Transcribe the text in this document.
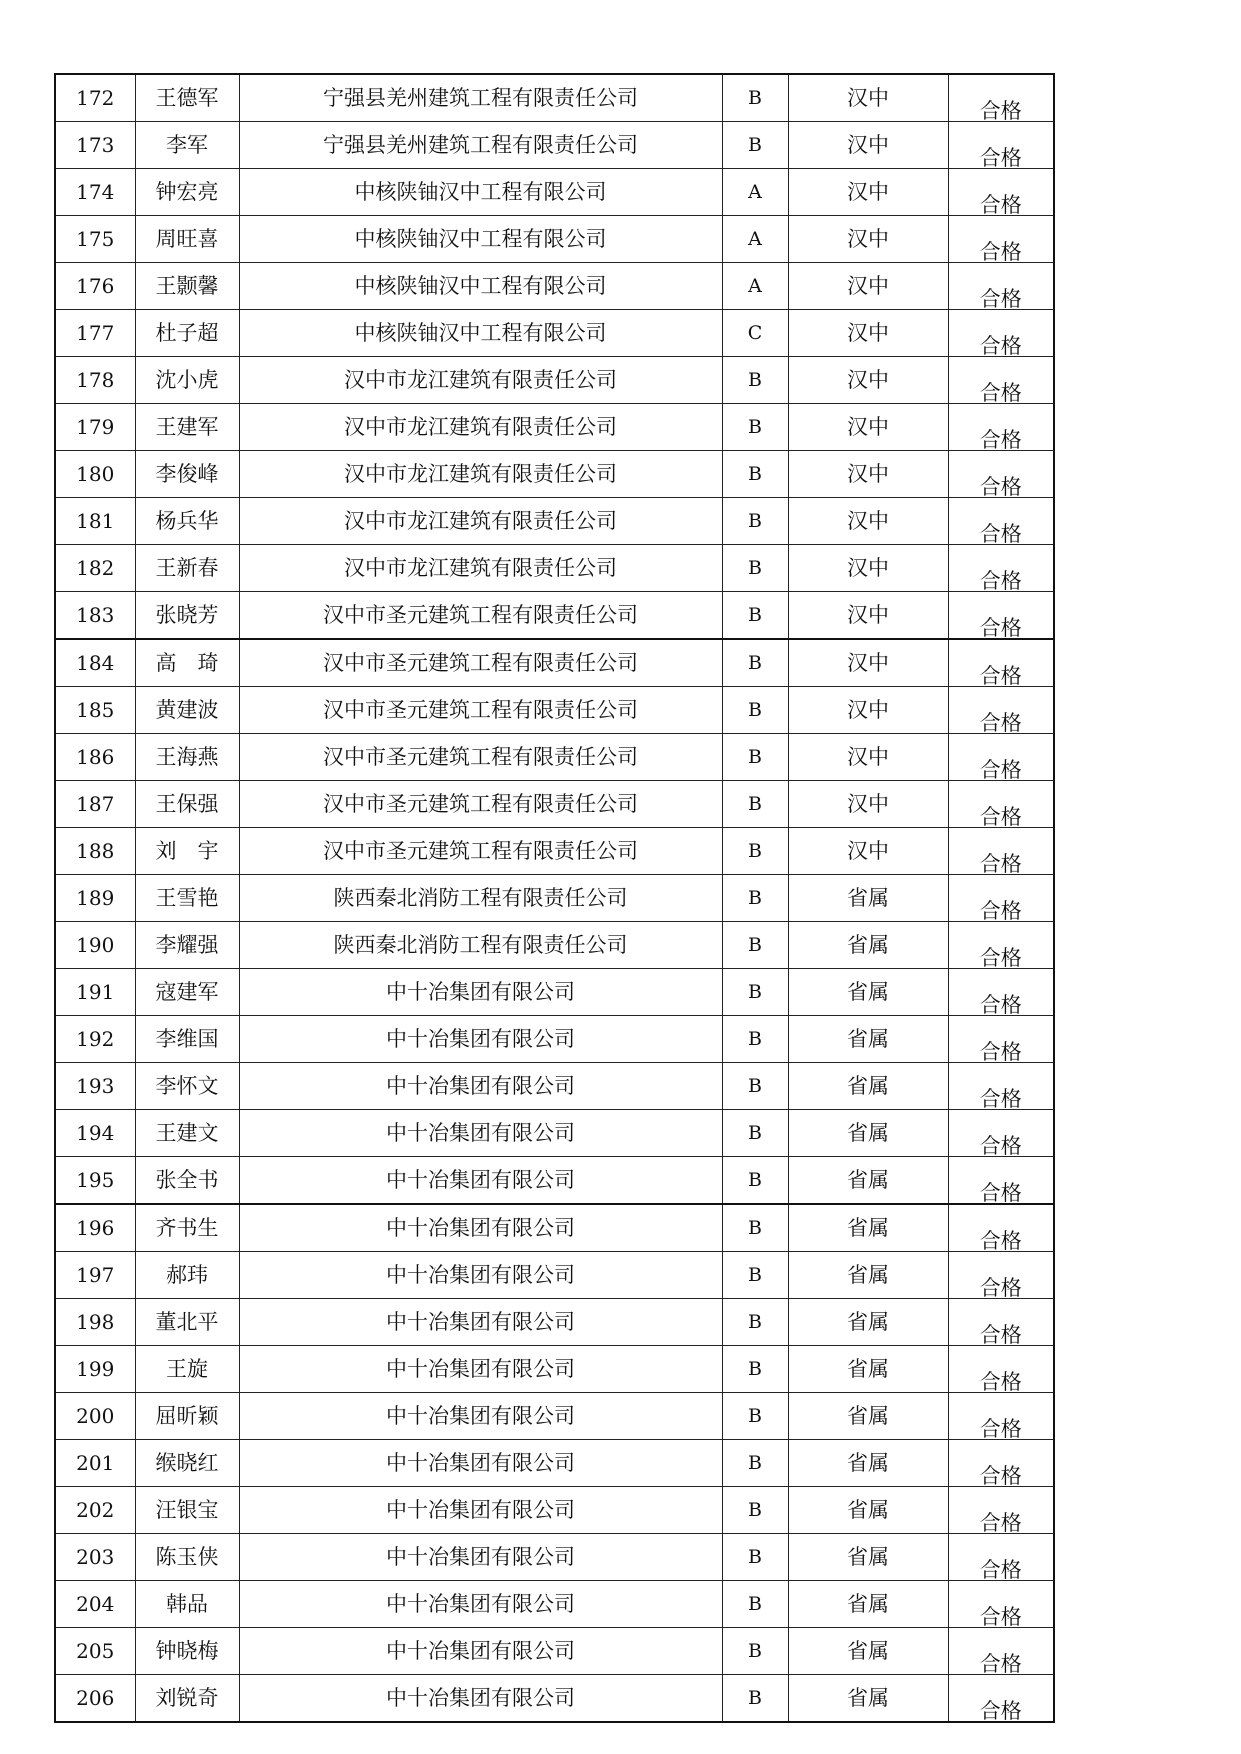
172	王德军	宁强县羌州建筑工程有限责任公司	B	汉中	合格
173	李军	宁强县羌州建筑工程有限责任公司	B	汉中	合格
174	钟宏亮	中核陕铀汉中工程有限公司	A	汉中	合格
175	周旺喜	中核陕铀汉中工程有限公司	A	汉中	合格
176	王颢馨	中核陕铀汉中工程有限公司	A	汉中	合格
177	杜子超	中核陕铀汉中工程有限公司	C	汉中	合格
178	沈小虎	汉中市龙江建筑有限责任公司	B	汉中	合格
179	王建军	汉中市龙江建筑有限责任公司	B	汉中	合格
180	李俊峰	汉中市龙江建筑有限责任公司	B	汉中	合格
181	杨兵华	汉中市龙江建筑有限责任公司	B	汉中	合格
182	王新春	汉中市龙江建筑有限责任公司	B	汉中	合格
183	张晓芳	汉中市圣元建筑工程有限责任公司	B	汉中	合格
184	高　琦	汉中市圣元建筑工程有限责任公司	B	汉中	合格
185	黄建波	汉中市圣元建筑工程有限责任公司	B	汉中	合格
186	王海燕	汉中市圣元建筑工程有限责任公司	B	汉中	合格
187	王保强	汉中市圣元建筑工程有限责任公司	B	汉中	合格
188	刘　宇	汉中市圣元建筑工程有限责任公司	B	汉中	合格
189	王雪艳	陕西秦北消防工程有限责任公司	B	省属	合格
190	李耀强	陕西秦北消防工程有限责任公司	B	省属	合格
191	寇建军	中十冶集团有限公司	B	省属	合格
192	李维国	中十冶集团有限公司	B	省属	合格
193	李怀文	中十冶集团有限公司	B	省属	合格
194	王建文	中十冶集团有限公司	B	省属	合格
195	张全书	中十冶集团有限公司	B	省属	合格
196	齐书生	中十冶集团有限公司	B	省属	合格
197	郝玮	中十冶集团有限公司	B	省属	合格
198	董北平	中十冶集团有限公司	B	省属	合格
199	王旋	中十冶集团有限公司	B	省属	合格
200	屈昕颖	中十冶集团有限公司	B	省属	合格
201	缑晓红	中十冶集团有限公司	B	省属	合格
202	汪银宝	中十冶集团有限公司	B	省属	合格
203	陈玉侠	中十冶集团有限公司	B	省属	合格
204	韩品	中十冶集团有限公司	B	省属	合格
205	钟晓梅	中十冶集团有限公司	B	省属	合格
206	刘锐奇	中十冶集团有限公司	B	省属	合格
